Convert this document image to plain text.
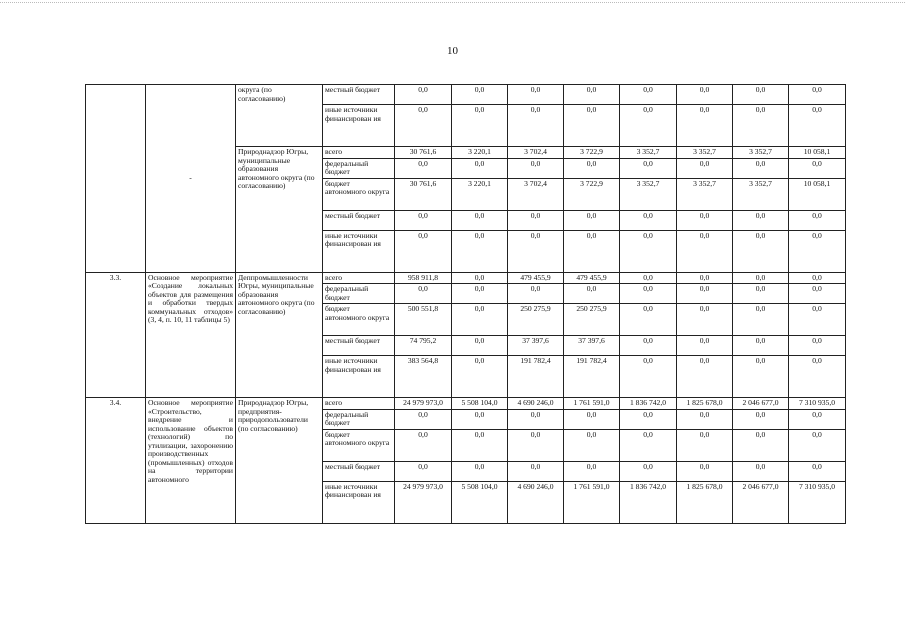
10
	-	округа (по согласованию)	местный бюджет	0,0	0,0	0,0	0,0	0,0	0,0	0,0	0,0
			иные источники финансирован ия	0,0	0,0	0,0	0,0	0,0	0,0	0,0	0,0
		Природнадзор Югры, муниципальные образования автономного округа (по согласованию)	всего	30 761,6	3 220,1	3 702,4	3 722,9	3 352,7	3 352,7	3 352,7	10 058,1
			федеральный бюджет	0,0	0,0	0,0	0,0	0,0	0,0	0,0	0,0
			бюджет автономного округа	30 761,6	3 220,1	3 702,4	3 722,9	3 352,7	3 352,7	3 352,7	10 058,1
			местный бюджет	0,0	0,0	0,0	0,0	0,0	0,0	0,0	0,0
			иные источники финансирован ия	0,0	0,0	0,0	0,0	0,0	0,0	0,0	0,0
3.3.	Основное мероприятие «Создание локальных объектов для размещения и обработки твердых коммунальных отходов» (3, 4, п. 10, 11 таблицы 5)	Деппромышленности Югры, муниципальные образования автономного округа (по согласованию)	всего	958 911,8	0,0	479 455,9	479 455,9	0,0	0,0	0,0	0,0
			федеральный бюджет	0,0	0,0	0,0	0,0	0,0	0,0	0,0	0,0
			бюджет автономного округа	500 551,8	0,0	250 275,9	250 275,9	0,0	0,0	0,0	0,0
			местный бюджет	74 795,2	0,0	37 397,6	37 397,6	0,0	0,0	0,0	0,0
			иные источники финансирован ия	383 564,8	0,0	191 782,4	191 782,4	0,0	0,0	0,0	0,0
3.4.	Основное мероприятие «Строительство, внедрение и использование объектов (технологий) по утилизации, захоронению производственных (промышленных) отходов на территории автономного	Природнадзор Югры, предприятия-природопользователи (по согласованию)	всего	24 979 973,0	5 508 104,0	4 690 246,0	1 761 591,0	1 836 742,0	1 825 678,0	2 046 677,0	7 310 935,0
			федеральный бюджет	0,0	0,0	0,0	0,0	0,0	0,0	0,0	0,0
			бюджет автономного округа	0,0	0,0	0,0	0,0	0,0	0,0	0,0	0,0
			местный бюджет	0,0	0,0	0,0	0,0	0,0	0,0	0,0	0,0
			иные источники финансирован ия	24 979 973,0	5 508 104,0	4 690 246,0	1 761 591,0	1 836 742,0	1 825 678,0	2 046 677,0	7 310 935,0
